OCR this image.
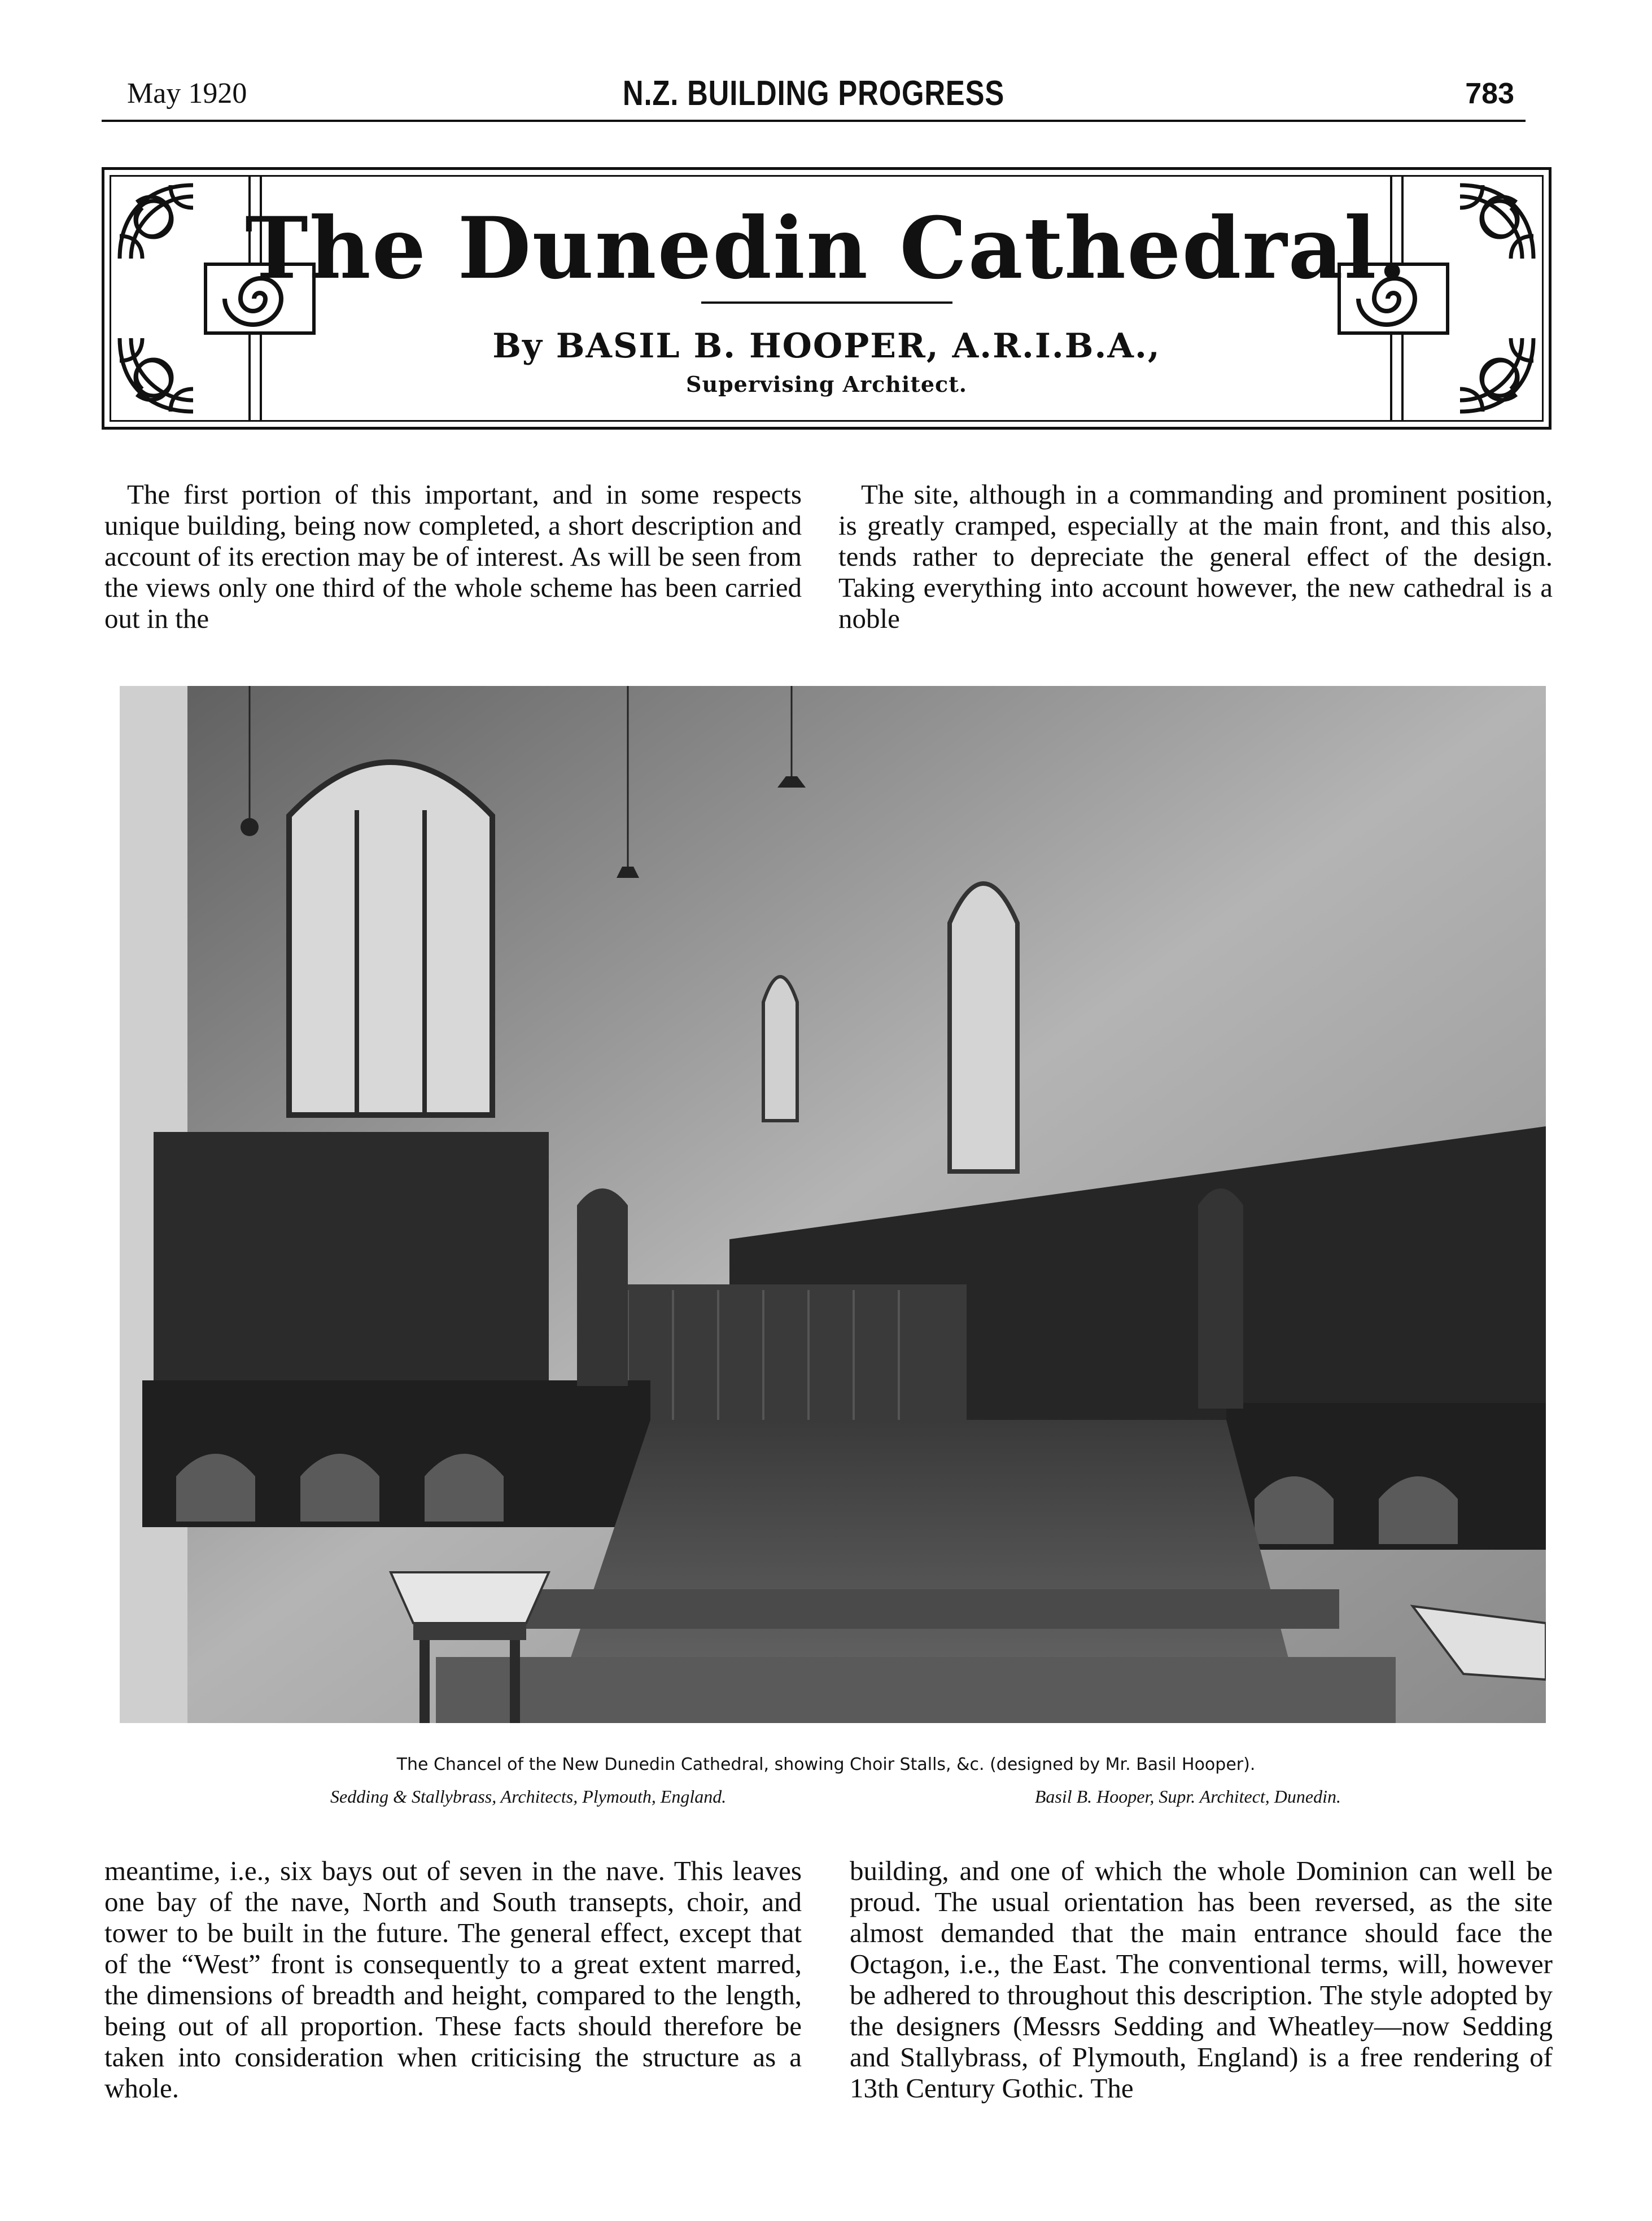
May 1920	N.Z. BUILDING PROGRESS	783
The Dunedin Cathedral.
By BASIL B. HOOPER, A.R.I.B.A.,
Supervising Architect.

The first portion of this important, and in some respects unique building, being now completed, a short description and account of its erection may be of interest. As will be seen from the views only one third of the whole scheme has been carried out in the

The site, although in a commanding and prominent position, is greatly cramped, especially at the main front, and this also, tends rather to depreciate the general effect of the design. Taking everything into account however, the new cathedral is a noble

The Chancel of the New Dunedin Cathedral, showing Choir Stalls, &c. (designed by Mr. Basil Hooper).
Sedding & Stallybrass, Architects, Plymouth, England.	Basil B. Hooper, Supr. Architect, Dunedin.

meantime, i.e., six bays out of seven in the nave. This leaves one bay of the nave, North and South transepts, choir, and tower to be built in the future. The general effect, except that of the “West” front is consequently to a great extent marred, the dimensions of breadth and height, compared to the length, being out of all proportion. These facts should therefore be taken into consideration when criticising the structure as a whole.

building, and one of which the whole Dominion can well be proud. The usual orientation has been reversed, as the site almost demanded that the main entrance should face the Octagon, i.e., the East. The conventional terms, will, however be adhered to throughout this description. The style adopted by the designers (Messrs Sedding and Wheatley—now Sedding and Stallybrass, of Plymouth, England) is a free rendering of 13th Century Gothic. The
